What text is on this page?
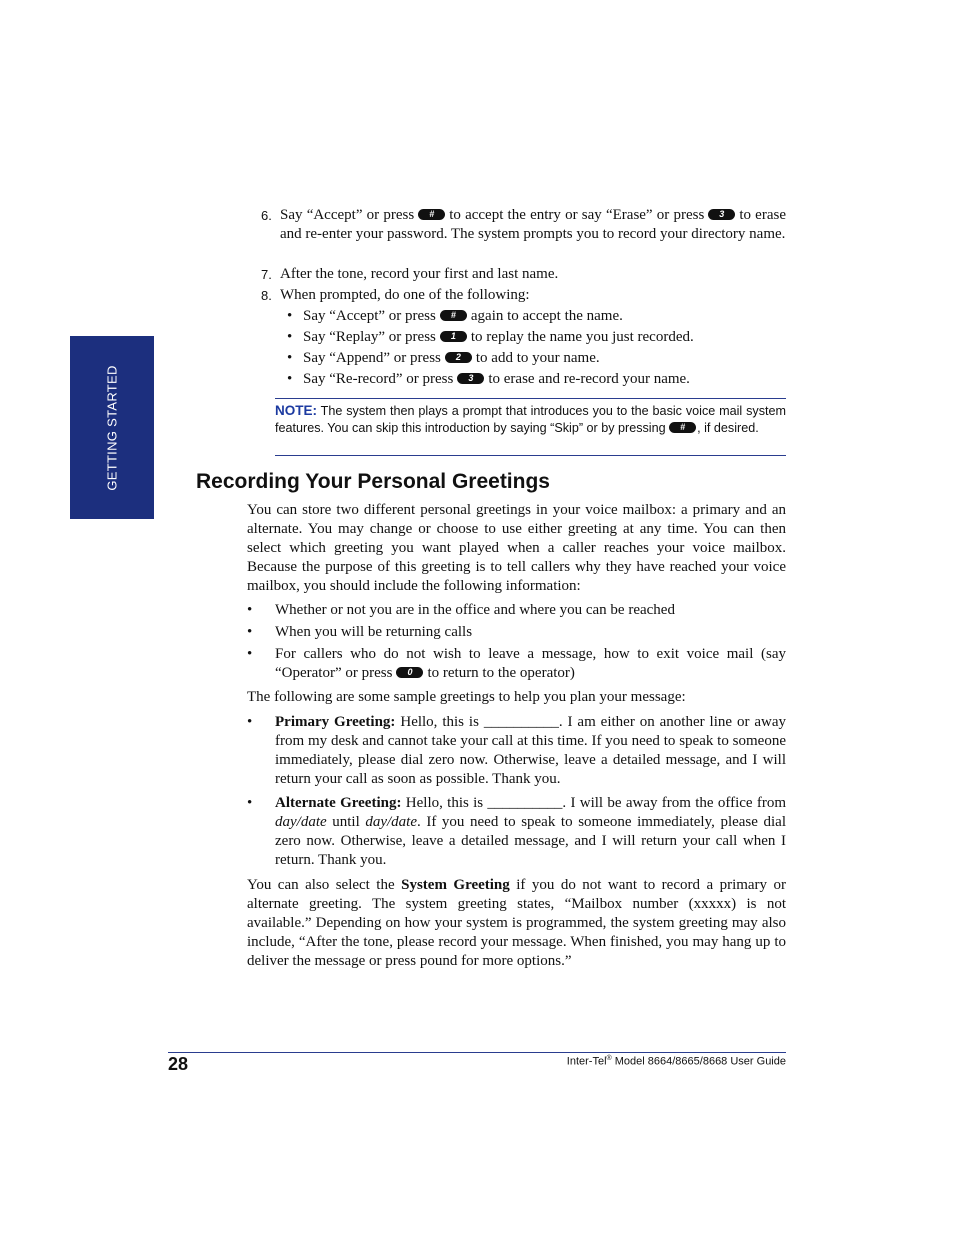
GETTING STARTED
6. Say “Accept” or press # to accept the entry or say “Erase” or press 3 to erase and re-enter your password. The system prompts you to record your directory name.
7. After the tone, record your first and last name.
8. When prompted, do one of the following:
• Say “Accept” or press # again to accept the name.
• Say “Replay” or press 1 to replay the name you just recorded.
• Say “Append” or press 2 to add to your name.
• Say “Re-record” or press 3 to erase and re-record your name.
NOTE: The system then plays a prompt that introduces you to the basic voice mail system features. You can skip this introduction by saying “Skip” or by pressing # , if desired.
Recording Your Personal Greetings
You can store two different personal greetings in your voice mailbox: a primary and an alternate. You may change or choose to use either greeting at any time. You can then select which greeting you want played when a caller reaches your voice mailbox. Because the purpose of this greeting is to tell callers why they have reached your voice mailbox, you should include the following information:
• Whether or not you are in the office and where you can be reached
• When you will be returning calls
• For callers who do not wish to leave a message, how to exit voice mail (say “Operator” or press 0 to return to the operator)
The following are some sample greetings to help you plan your message:
• Primary Greeting: Hello, this is __________. I am either on another line or away from my desk and cannot take your call at this time. If you need to speak to someone immediately, please dial zero now. Otherwise, leave a detailed message, and I will return your call as soon as possible. Thank you.
• Alternate Greeting: Hello, this is __________. I will be away from the office from day/date until day/date. If you need to speak to someone immediately, please dial zero now. Otherwise, leave a detailed message, and I will return your call when I return. Thank you.
You can also select the System Greeting if you do not want to record a primary or alternate greeting. The system greeting states, “Mailbox number (xxxxx) is not available.” Depending on how your system is programmed, the system greeting may also include, “After the tone, please record your message. When finished, you may hang up to deliver the message or press pound for more options.”
28	Inter-Tel® Model 8664/8665/8668 User Guide
